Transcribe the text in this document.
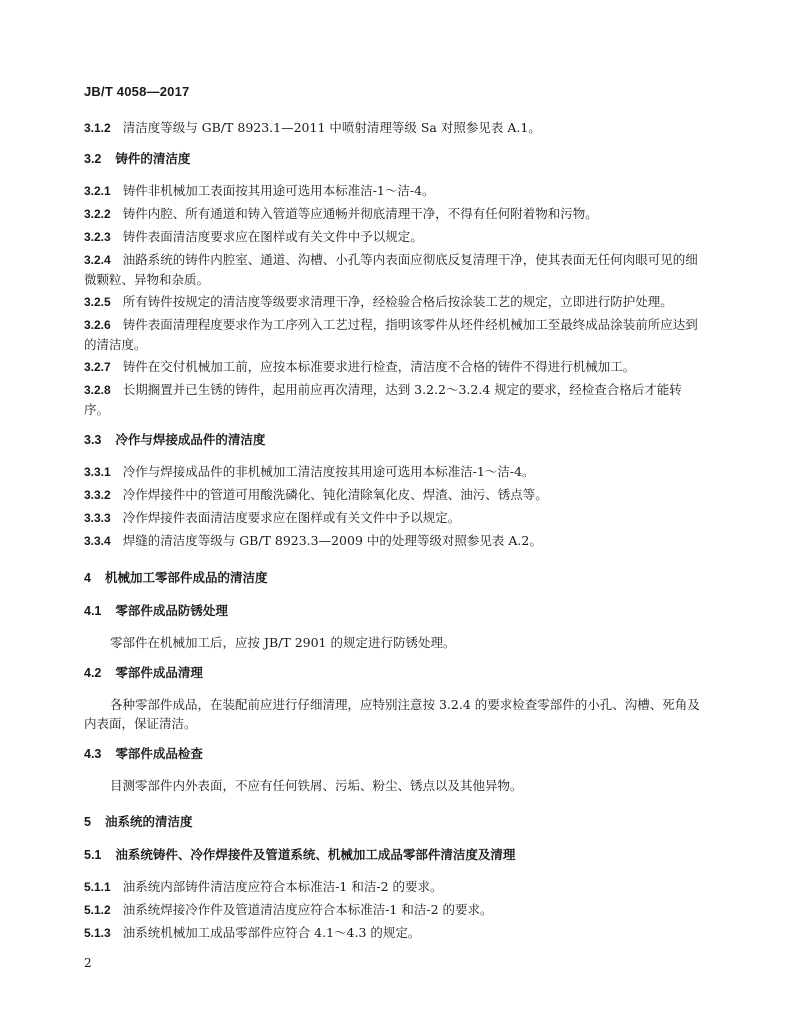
JB/T 4058—2017

3.1.2 清洁度等级与 GB/T 8923.1—2011 中喷射清理等级 Sa 对照参见表 A.1。

3.2 铸件的清洁度

3.2.1 铸件非机械加工表面按其用途可选用本标准洁-1～洁-4。

3.2.2 铸件内腔、所有通道和铸入管道等应通畅并彻底清理干净，不得有任何附着物和污物。

3.2.3 铸件表面清洁度要求应在图样或有关文件中予以规定。

3.2.4 油路系统的铸件内腔室、通道、沟槽、小孔等内表面应彻底反复清理干净，使其表面无任何肉眼可见的细微颗粒、异物和杂质。

3.2.5 所有铸件按规定的清洁度等级要求清理干净，经检验合格后按涂装工艺的规定，立即进行防护处理。

3.2.6 铸件表面清理程度要求作为工序列入工艺过程，指明该零件从坯件经机械加工至最终成品涂装前所应达到的清洁度。

3.2.7 铸件在交付机械加工前，应按本标准要求进行检查，清洁度不合格的铸件不得进行机械加工。

3.2.8 长期搁置并已生锈的铸件，起用前应再次清理，达到 3.2.2～3.2.4 规定的要求，经检查合格后才能转序。

3.3 冷作与焊接成品件的清洁度

3.3.1 冷作与焊接成品件的非机械加工清洁度按其用途可选用本标准洁-1～洁-4。

3.3.2 冷作焊接件中的管道可用酸洗磷化、钝化清除氧化皮、焊渣、油污、锈点等。

3.3.3 冷作焊接件表面清洁度要求应在图样或有关文件中予以规定。

3.3.4 焊缝的清洁度等级与 GB/T 8923.3—2009 中的处理等级对照参见表 A.2。

4 机械加工零部件成品的清洁度
4.1 零部件成品防锈处理

零部件在机械加工后，应按 JB/T 2901 的规定进行防锈处理。

4.2 零部件成品清理

各种零部件成品，在装配前应进行仔细清理，应特别注意按 3.2.4 的要求检查零部件的小孔、沟槽、死角及内表面，保证清洁。

4.3 零部件成品检查

目测零部件内外表面，不应有任何铁屑、污垢、粉尘、锈点以及其他异物。

5 油系统的清洁度
5.1 油系统铸件、冷作焊接件及管道系统、机械加工成品零部件清洁度及清理

5.1.1 油系统内部铸件清洁度应符合本标准洁-1 和洁-2 的要求。

5.1.2 油系统焊接冷作件及管道清洁度应符合本标准洁-1 和洁-2 的要求。

5.1.3 油系统机械加工成品零部件应符合 4.1～4.3 的规定。

2
